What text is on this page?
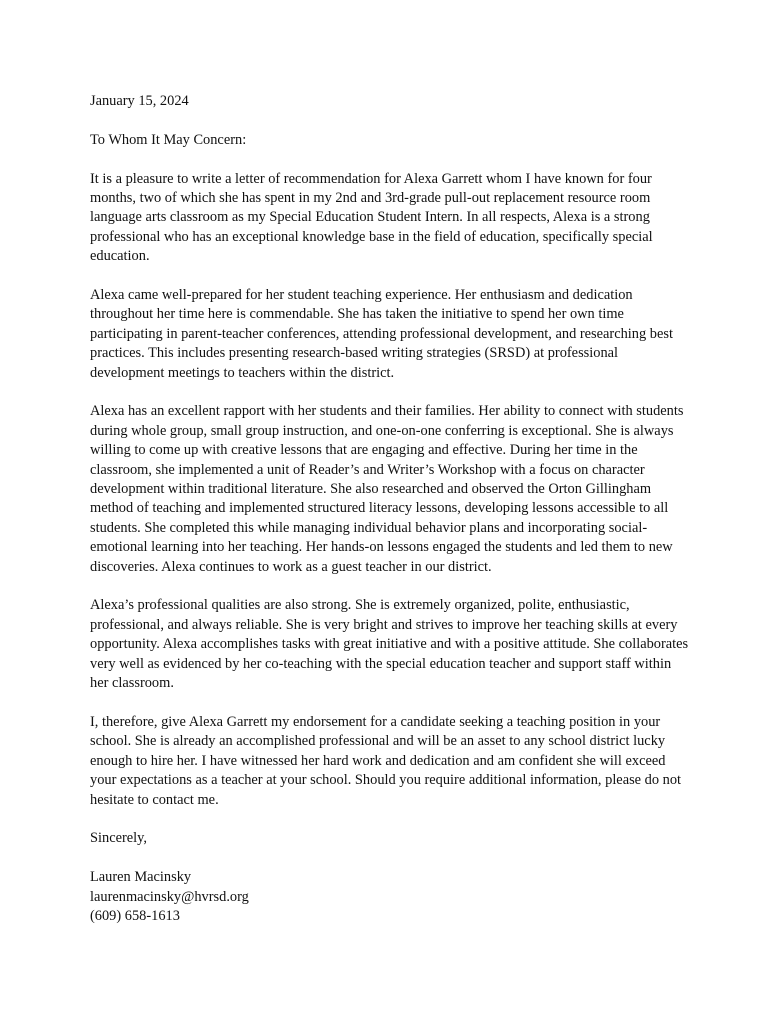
January 15, 2024

To Whom It May Concern:

It is a pleasure to write a letter of recommendation for Alexa Garrett whom I have known for four months, two of which she has spent in my 2nd and 3rd-grade pull-out replacement resource room language arts classroom as my Special Education Student Intern. In all respects, Alexa is a strong professional who has an exceptional knowledge base in the field of education, specifically special education.

Alexa came well-prepared for her student teaching experience. Her enthusiasm and dedication throughout her time here is commendable. She has taken the initiative to spend her own time participating in parent-teacher conferences, attending professional development, and researching best practices. This includes presenting research-based writing strategies (SRSD) at professional development meetings to teachers within the district.

Alexa has an excellent rapport with her students and their families. Her ability to connect with students during whole group, small group instruction, and one-on-one conferring is exceptional. She is always willing to come up with creative lessons that are engaging and effective. During her time in the classroom, she implemented a unit of Reader’s and Writer’s Workshop with a focus on character development within traditional literature. She also researched and observed the Orton Gillingham method of teaching and implemented structured literacy lessons, developing lessons accessible to all students. She completed this while managing individual behavior plans and incorporating social-emotional learning into her teaching. Her hands-on lessons engaged the students and led them to new discoveries. Alexa continues to work as a guest teacher in our district.

Alexa’s professional qualities are also strong. She is extremely organized, polite, enthusiastic, professional, and always reliable. She is very bright and strives to improve her teaching skills at every opportunity. Alexa accomplishes tasks with great initiative and with a positive attitude. She collaborates very well as evidenced by her co-teaching with the special education teacher and support staff within her classroom.

I, therefore, give Alexa Garrett my endorsement for a candidate seeking a teaching position in your school. She is already an accomplished professional and will be an asset to any school district lucky enough to hire her. I have witnessed her hard work and dedication and am confident she will exceed your expectations as a teacher at your school. Should you require additional information, please do not hesitate to contact me.

Sincerely,

Lauren Macinsky
laurenmacinsky@hvrsd.org
(609) 658-1613
